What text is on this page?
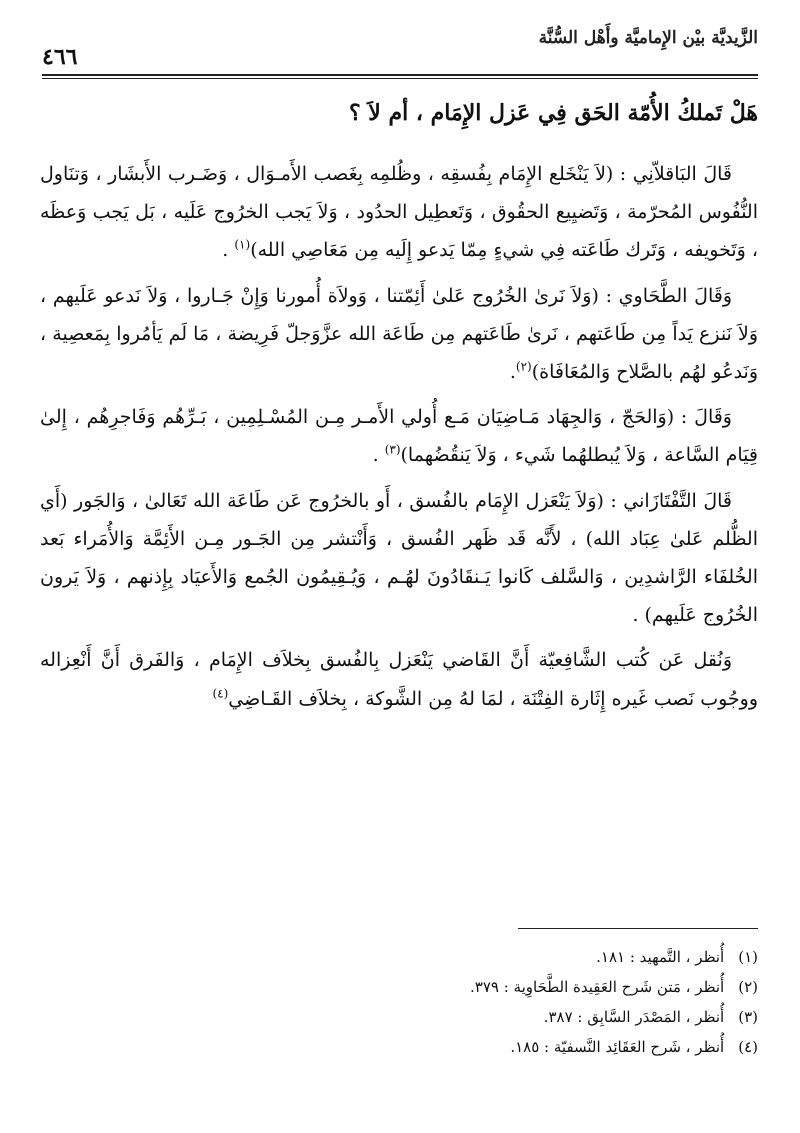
الزَّيديَّة بيْن الإِماميَّة وأَهْل السُّنَّة
٤٦٦
هَلْ تَملكُ الأُمّة الحَق فِي عَزل الإِمَام ، أم لاَ ؟

قَالَ البَاقلاّنِي : (لاَ يَنْخَلع الإِمَام بِفُسقِه ، وظُلمِه بِغَصب الأَمـوَال ، وَضَـرب الأَبشَار ، وَتنَاول النُّفُوس المُحرّمة ، وَتَضيِيع الحقُوق ، وَتَعطِيل الحدُود ، وَلاَ يَجب الخرُوج عَلَيه ، بَل يَجب وَعظَه ، وَتَخويفه ، وَتَرك طَاعَته فِي شيءٍ مِمّا يَدعو إِلَيه مِن مَعَاصِي الله)$^{(١)}$ .

وَقَالَ الطَّحَاوي : (وَلاَ نَرىٰ الخُرُوج عَلىٰ أَئِمّتنا ، وَولاَة أُمورنا وَإِنْ جَـاروا ، وَلاَ نَدعو عَلَيهم ، وَلاَ نَنزع يَداً مِن طَاعَتهم ، نَرىٰ طَاعَتهم مِن طَاعَة الله عزَّوَجلّ فَرِيضة ، مَا لَم يَأمُروا بِمَعصِية ، وَنَدعُو لهُم بالصَّلاح وَالمُعَافَاة)$^{(٢)}$.

وَقَالَ : (وَالحَجّ ، وَالجِهَاد مَـاضِيَان مَـع أُولي الأَمـر مِـن المُسْـلِمِين ، بَـرِّهُم وَفَاجرِهُم ، إِلىٰ قِيَام السَّاعة ، وَلاَ يُبطلهُما شَيء ، وَلاَ يَنقُضُهما)$^{(٣)}$ .

قَالَ التَّفْتَازَاني : (وَلاَ يَنْعَزل الإِمَام بالفُسق ، أَو بالخرُوج عَن طَاعَة الله تَعَالىٰ ، وَالجَور (أَي الظُّلم عَلىٰ عِبَاد الله) ، لأَنَّه قَد ظَهر الفُسق ، وَأَنْتشر مِن الجَـور مِـن الأَئِمَّة وَالأُمَراء بَعد الخُلفَاء الرَّاشدِين ، وَالسَّلف كَانوا يَـنقَادُونَ لهُـم ، وَيُـقِيمُون الجُمع وَالأَعيَاد بِإِذنهم ، وَلاَ يَرون الخُرُوج عَلَيهم) .

وَنُقل عَن كُتب الشَّافِعيّة أَنَّ القَاضي يَنْعَزل بِالفُسق بِخلاَف الإِمَام ، وَالفَرق أَنَّ أَنْعِزاله ووجُوب نَصب غَيره إِثَارة الفِتْنَة ، لمَا لهُ مِن الشَّوكة ، بِخلاَف القَـاضِي$^{(٤)}$

(١)أُنظر ، التَّمهيد : ١٨١.
(٢)أُنظر ، مَتن شَرح العَقِيدة الطَّحَاوِية : ٣٧٩.
(٣)أُنظر ، المَصْدَر السَّابِق : ٣٨٧.
(٤)أُنظر ، شَرح العَقَائِد النَّسفيّة : ١٨٥.
